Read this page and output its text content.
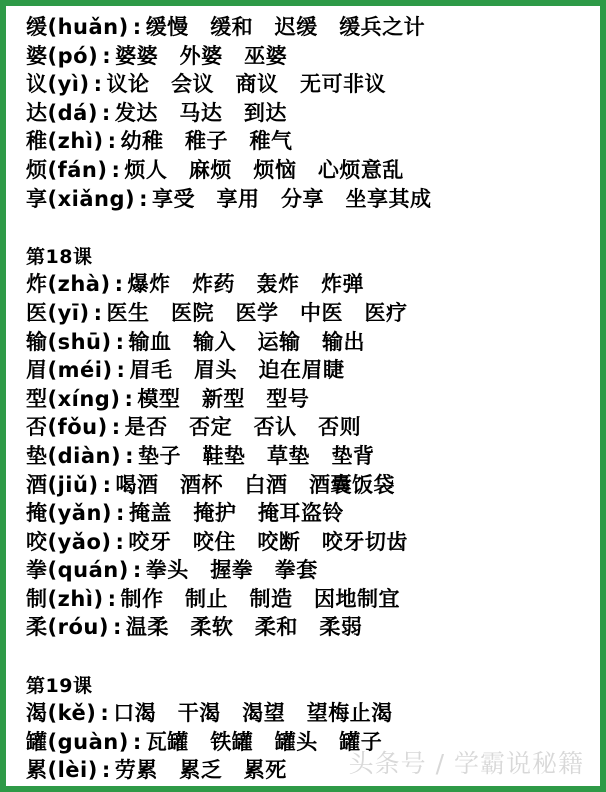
缓(huǎn) : 缓慢　缓和　迟缓　缓兵之计
婆(pó) : 婆婆　外婆　巫婆
议(yì) : 议论　会议　商议　无可非议
达(dá) : 发达　马达　到达
稚(zhì) : 幼稚　稚子　稚气
烦(fán) : 烦人　麻烦　烦恼　心烦意乱
享(xiǎng) : 享受　享用　分享　坐享其成
第18课
炸(zhà) : 爆炸　炸药　轰炸　炸弹
医(yī) : 医生　医院　医学　中医　医疗
输(shū) : 输血　输入　运输　输出
眉(méi) : 眉毛　眉头　迫在眉睫
型(xíng) : 模型　新型　型号
否(fǒu) : 是否　否定　否认　否则
垫(diàn) : 垫子　鞋垫　草垫　垫背
酒(jiǔ) : 喝酒　酒杯　白酒　酒囊饭袋
掩(yǎn) : 掩盖　掩护　掩耳盗铃
咬(yǎo) : 咬牙　咬住　咬断　咬牙切齿
拳(quán) : 拳头　握拳　拳套
制(zhì) : 制作　制止　制造　因地制宜
柔(róu) : 温柔　柔软　柔和　柔弱
第19课
渴(kě) : 口渴　干渴　渴望　望梅止渴
罐(guàn) : 瓦罐　铁罐　罐头　罐子
累(lèi) : 劳累　累乏　累死	头条号 / 学霸说秘籍
